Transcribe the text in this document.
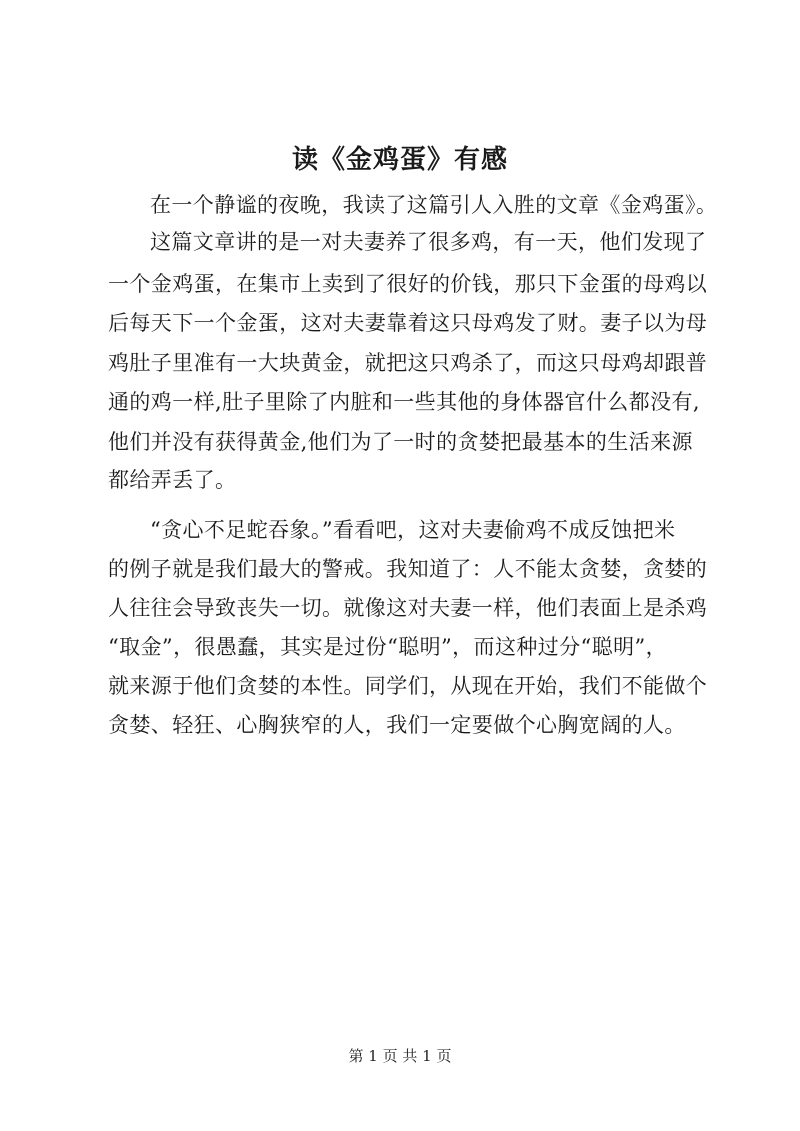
读《金鸡蛋》有感
在一个静谧的夜晚，我读了这篇引人入胜的文章《金鸡蛋》。
这篇文章讲的是一对夫妻养了很多鸡，有一天，他们发现了
一个金鸡蛋，在集市上卖到了很好的价钱，那只下金蛋的母鸡以
后每天下一个金蛋，这对夫妻靠着这只母鸡发了财。妻子以为母
鸡肚子里准有一大块黄金，就把这只鸡杀了，而这只母鸡却跟普
通的鸡一样,肚子里除了内脏和一些其他的身体器官什么都没有,
他们并没有获得黄金,他们为了一时的贪婪把最基本的生活来源
都给弄丢了。
“贪心不足蛇吞象。”看看吧，这对夫妻偷鸡不成反蚀把米
的例子就是我们最大的警戒。我知道了：人不能太贪婪，贪婪的
人往往会导致丧失一切。就像这对夫妻一样，他们表面上是杀鸡
“取金”，很愚蠢，其实是过份“聪明”，而这种过分“聪明”，
就来源于他们贪婪的本性。同学们，从现在开始，我们不能做个
贪婪、轻狂、心胸狭窄的人，我们一定要做个心胸宽阔的人。
第 1 页 共 1 页
